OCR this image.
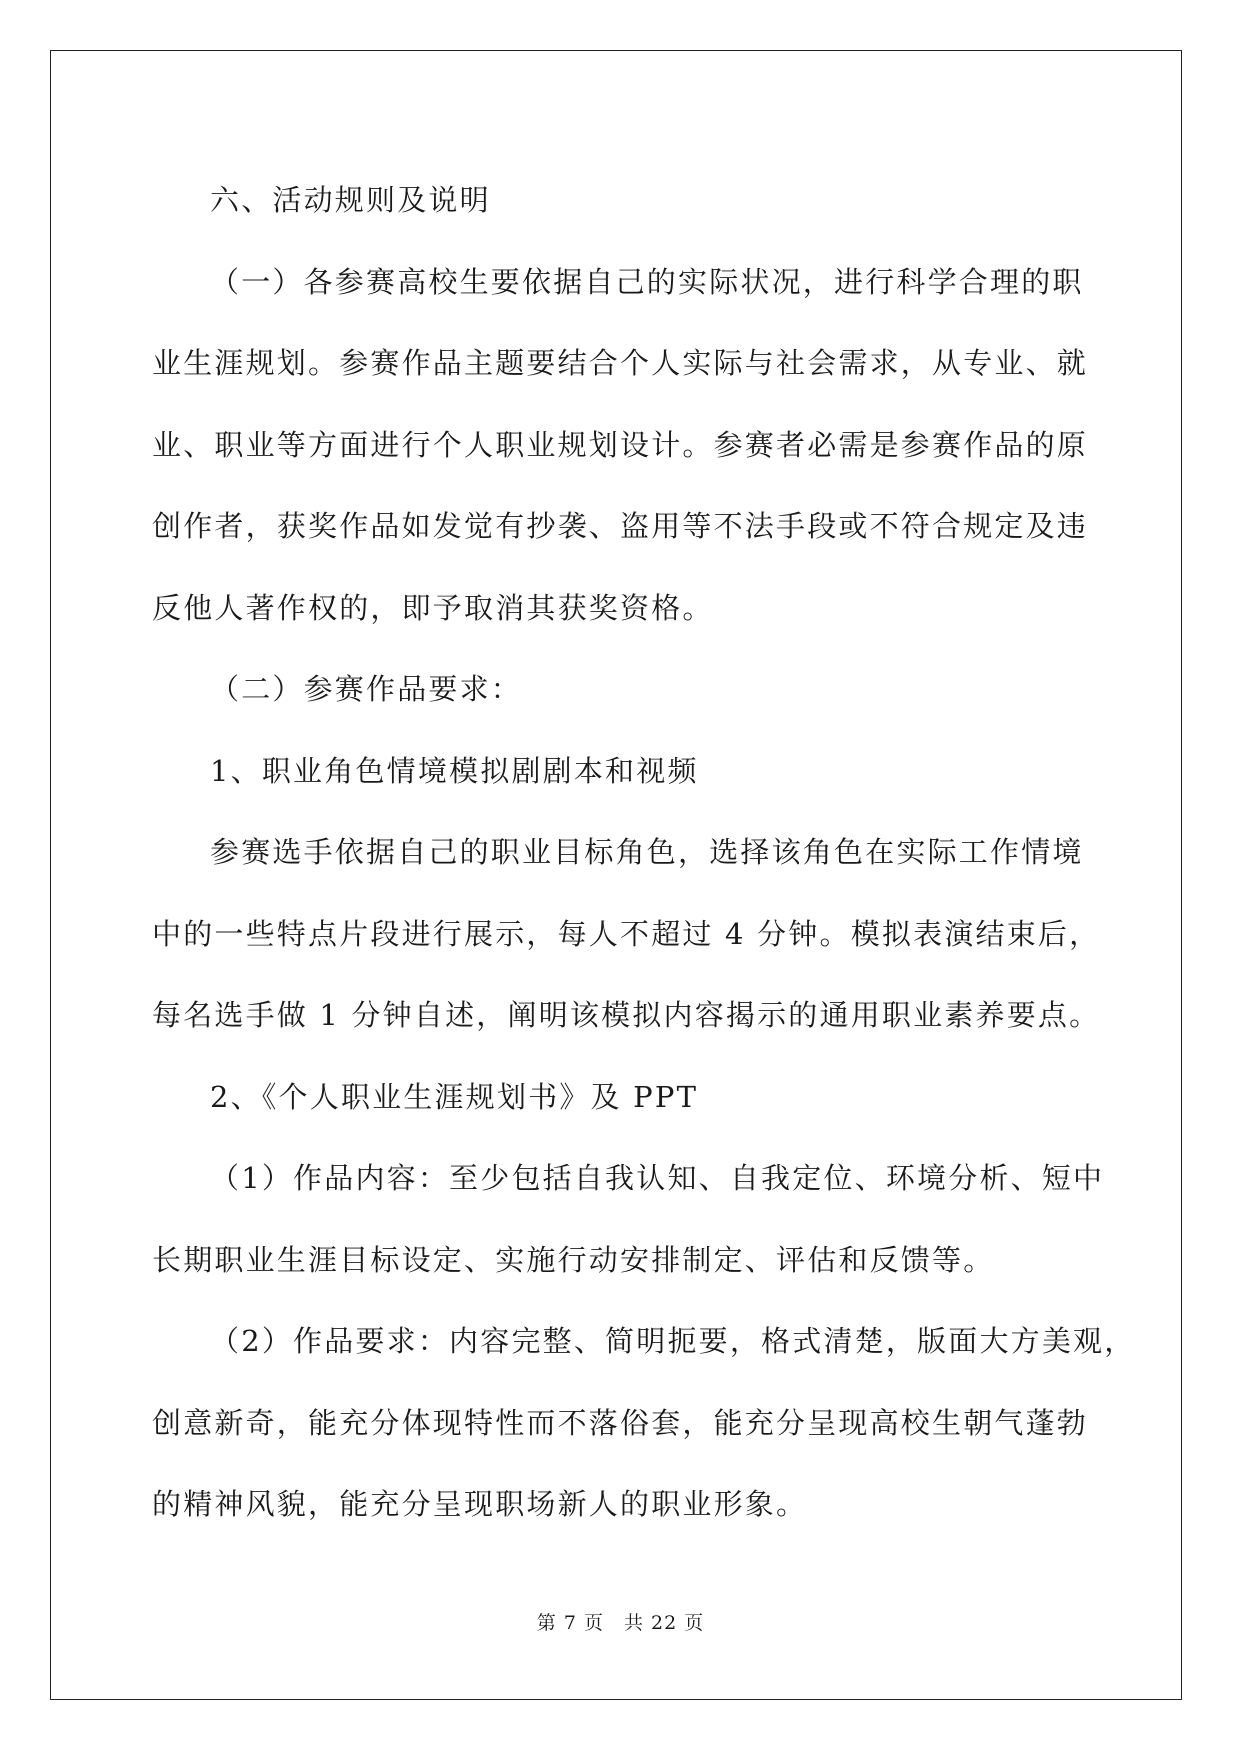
六、活动规则及说明

（一）各参赛高校生要依据自己的实际状况，进行科学合理的职

业生涯规划。参赛作品主题要结合个人实际与社会需求，从专业、就

业、职业等方面进行个人职业规划设计。参赛者必需是参赛作品的原

创作者，获奖作品如发觉有抄袭、盗用等不法手段或不符合规定及违

反他人著作权的，即予取消其获奖资格。

（二）参赛作品要求：

1、职业角色情境模拟剧剧本和视频

参赛选手依据自己的职业目标角色，选择该角色在实际工作情境

中的一些特点片段进行展示，每人不超过 4 分钟。模拟表演结束后，

每名选手做 1 分钟自述，阐明该模拟内容揭示的通用职业素养要点。

2、《个人职业生涯规划书》及 PPT

（1）作品内容：至少包括自我认知、自我定位、环境分析、短中

长期职业生涯目标设定、实施行动安排制定、评估和反馈等。

（2）作品要求：内容完整、简明扼要，格式清楚，版面大方美观，

创意新奇，能充分体现特性而不落俗套，能充分呈现高校生朝气蓬勃

的精神风貌，能充分呈现职场新人的职业形象。

第 7 页　共 22 页
